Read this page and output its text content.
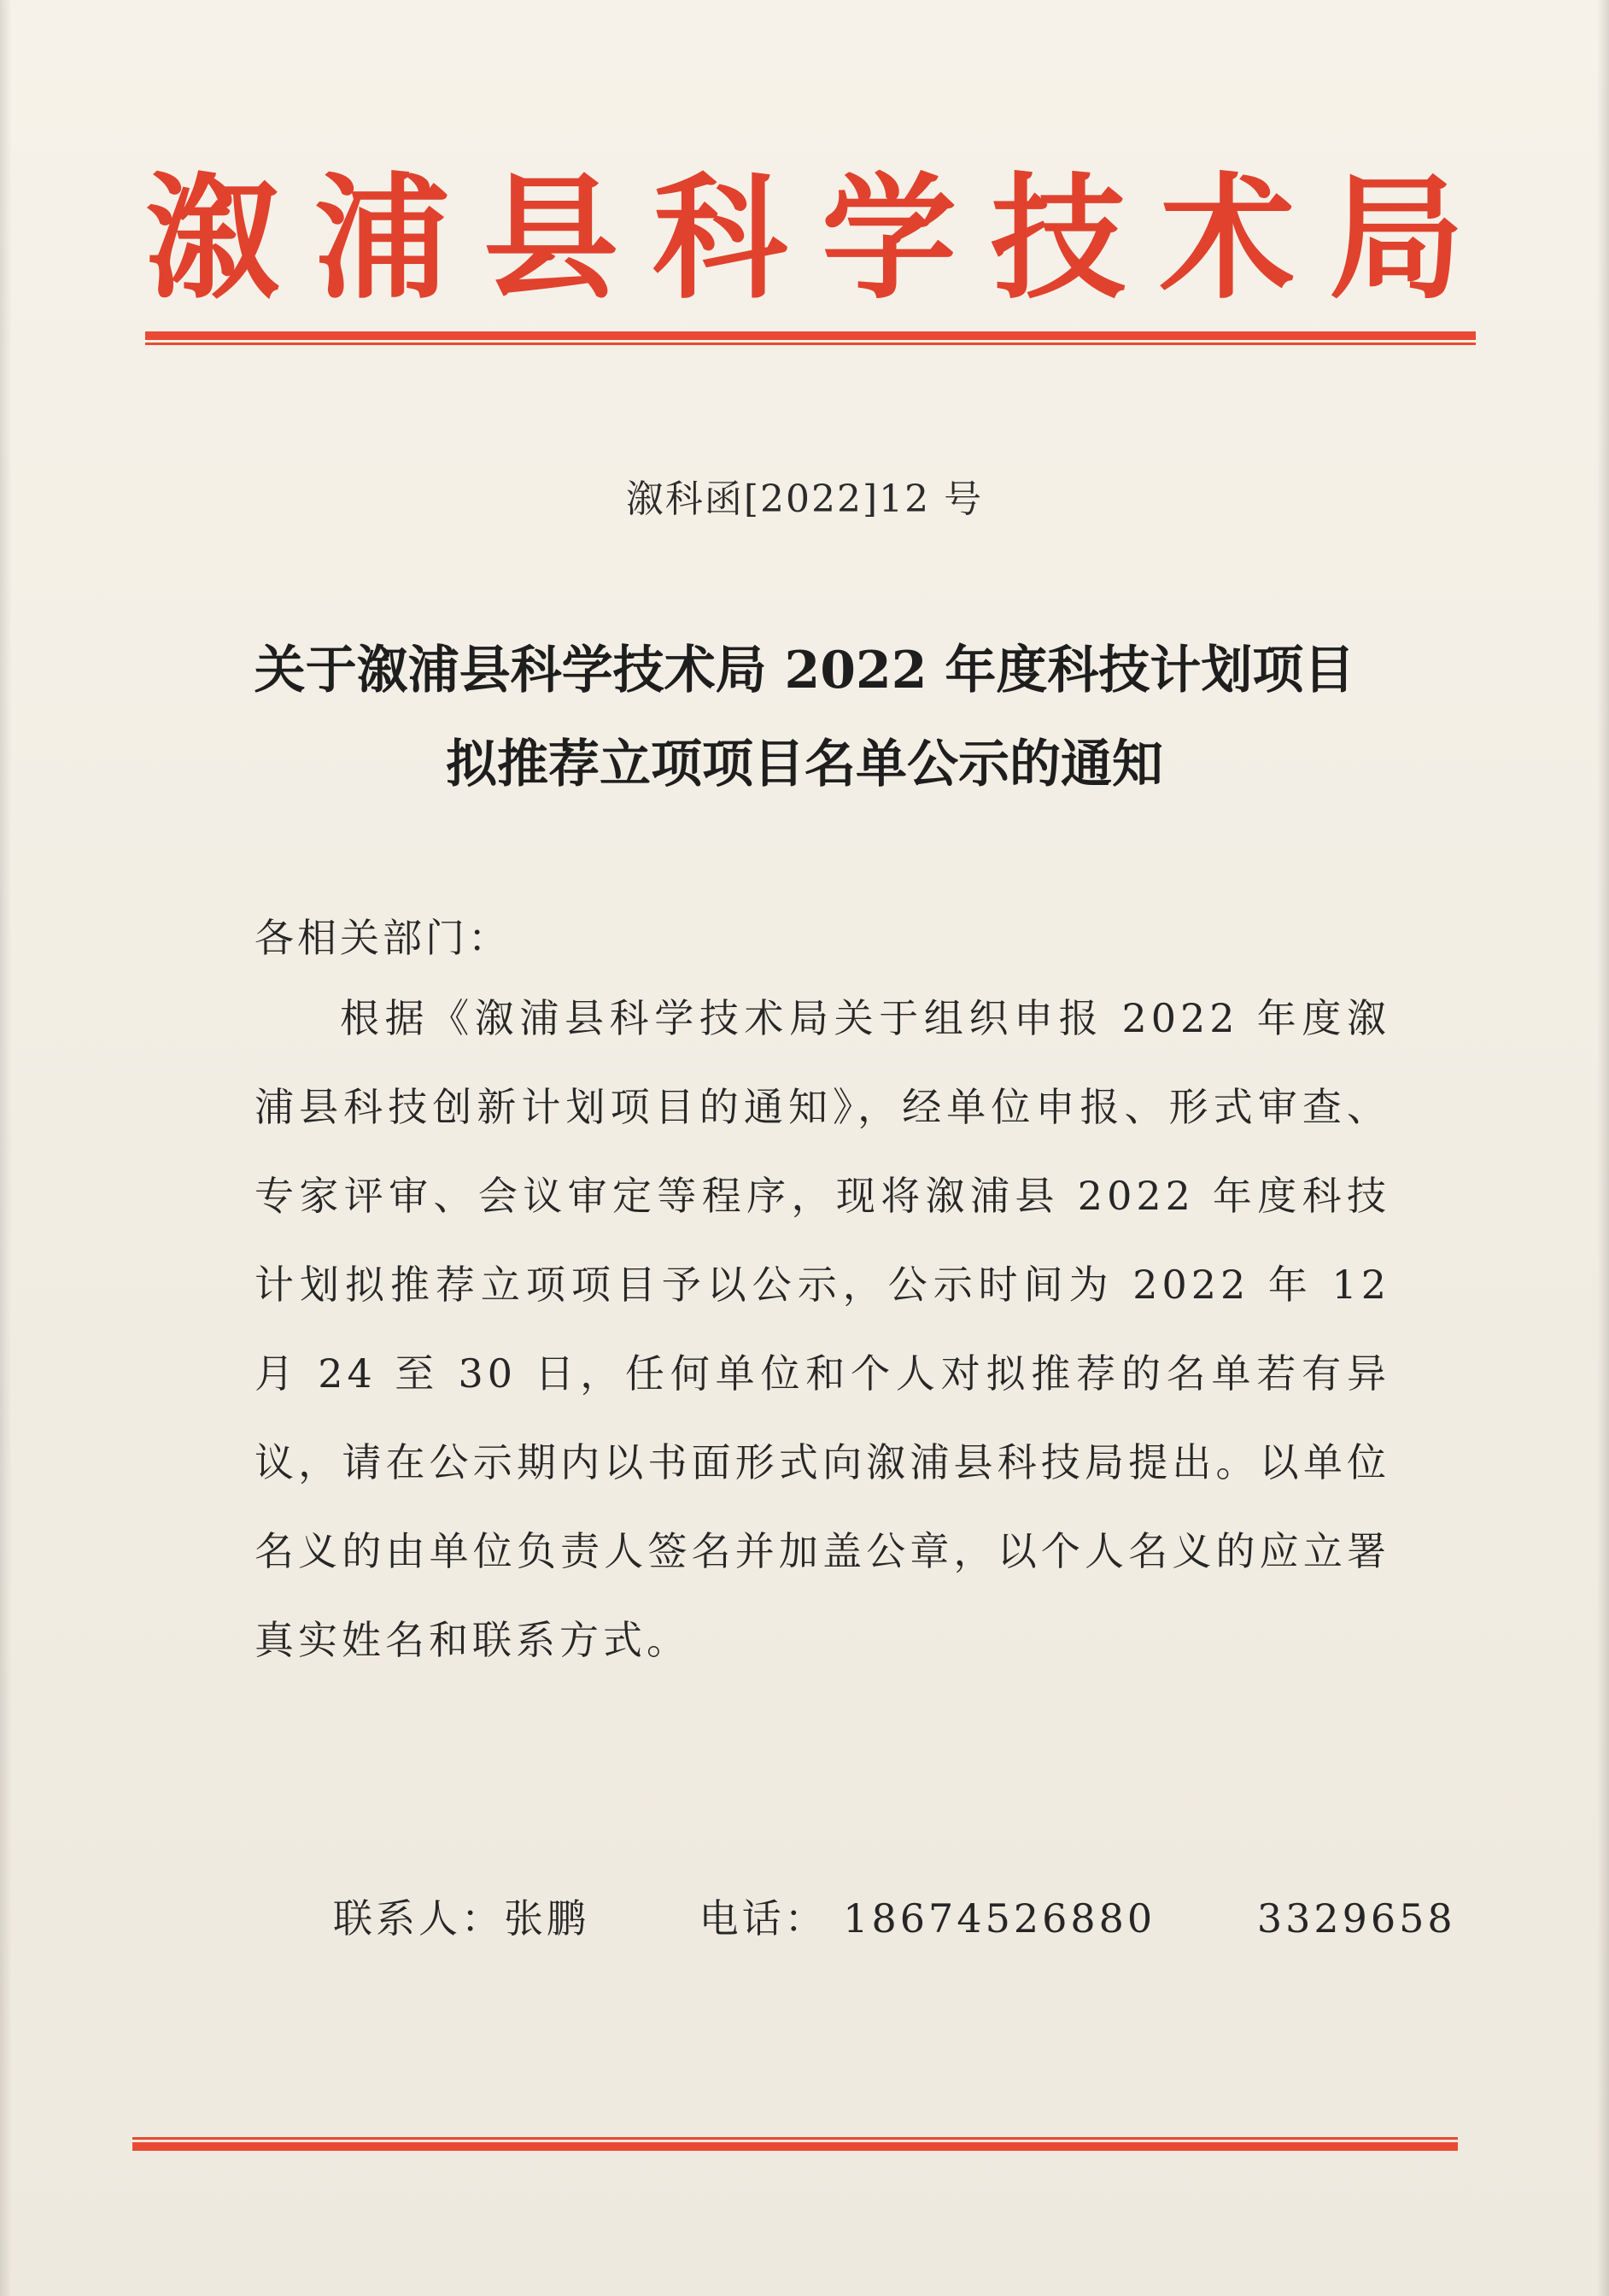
溆浦县科学技术局
溆科函[2022]12 号
关于溆浦县科学技术局 2022 年度科技计划项目
拟推荐立项项目名单公示的通知
各相关部门：
根据《溆浦县科学技术局关于组织申报 2022 年度溆浦县科技创新计划项目的通知》，经单位申报、形式审查、专家评审、会议审定等程序，现将溆浦县 2022 年度科技计划拟推荐立项项目予以公示，公示时间为 2022 年 12 月 24 至 30 日，任何单位和个人对拟推荐的名单若有异议，请在公示期内以书面形式向溆浦县科技局提出。以单位名义的由单位负责人签名并加盖公章，以个人名义的应立署真实姓名和联系方式。
联系人：张鹏	电话： 18674526880	3329658
